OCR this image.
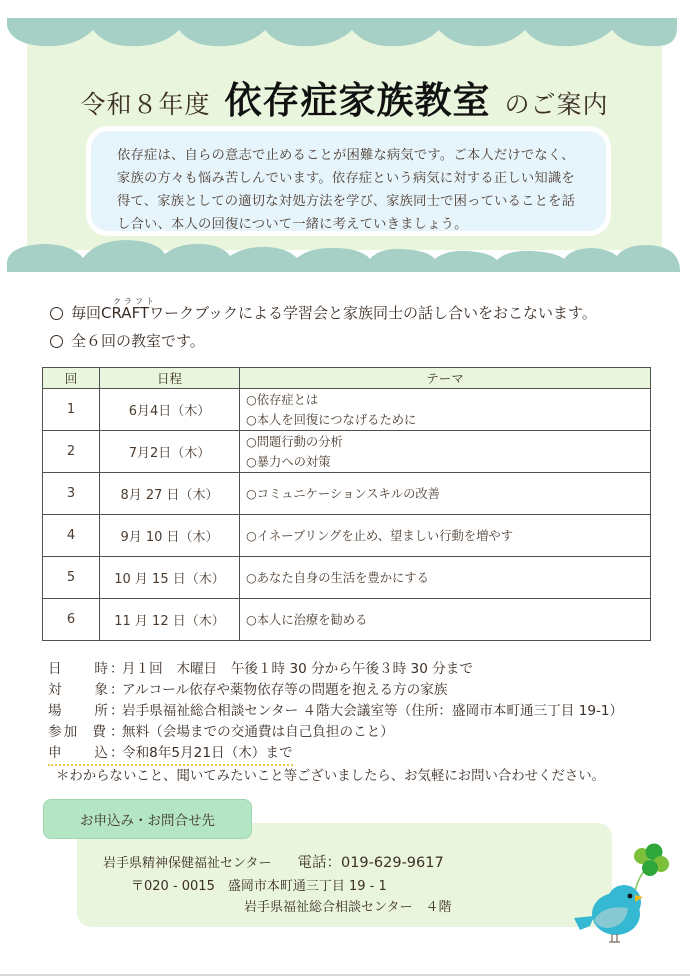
令和８年度 依存症家族教室 のご案内

依存症は、自らの意志で止めることが困難な病気です。ご本人だけでなく、家族の方々も悩み苦しんでいます。依存症という病気に対する正しい知識を得て、家族としての適切な対処方法を学び、家族同士で困っていることを話し合い、本人の回復について一緒に考えていきましょう。

クラフト
毎回CRAFTワークブックによる学習会と家族同士の話し合いをおこないます。
全６回の教室です。
回	日程	テーマ
1	6月4日（木）	○依存症とは
○本人を回復につなげるために

2	7月2日（木）	○問題行動の分析
○暴力への対策

3	8月 27 日（木）	○コミュニケーションスキルの改善

4	9月 10 日（木）	○イネーブリングを止め、望ましい行動を増やす

5	10 月 15 日（木）	○あなた自身の生活を豊かにする

6	11 月 12 日（木）	○本人に治療を勧める
日 時 ：
月１回　木曜日　午後１時 30 分から午後３時 30 分まで
対 象 ：
アルコール依存や薬物依存等の問題を抱える方の家族
場 所 ：
岩手県福祉総合相談センター ４階大会議室等（住所：盛岡市本町通三丁目 19-1）
参加 費 ：
無料（会場までの交通費は自己負担のこと）
申 込 ：
令和8年5月21日（木）まで
＊わからないこと、聞いてみたいこと等ございましたら、お気軽にお問い合わせください。
お申込み・お問合せ先
岩手県精神保健福祉センター 電話：019-629-9617
〒020 - 0015　盛岡市本町通三丁目 19 - 1
岩手県福祉総合相談センター　４階
